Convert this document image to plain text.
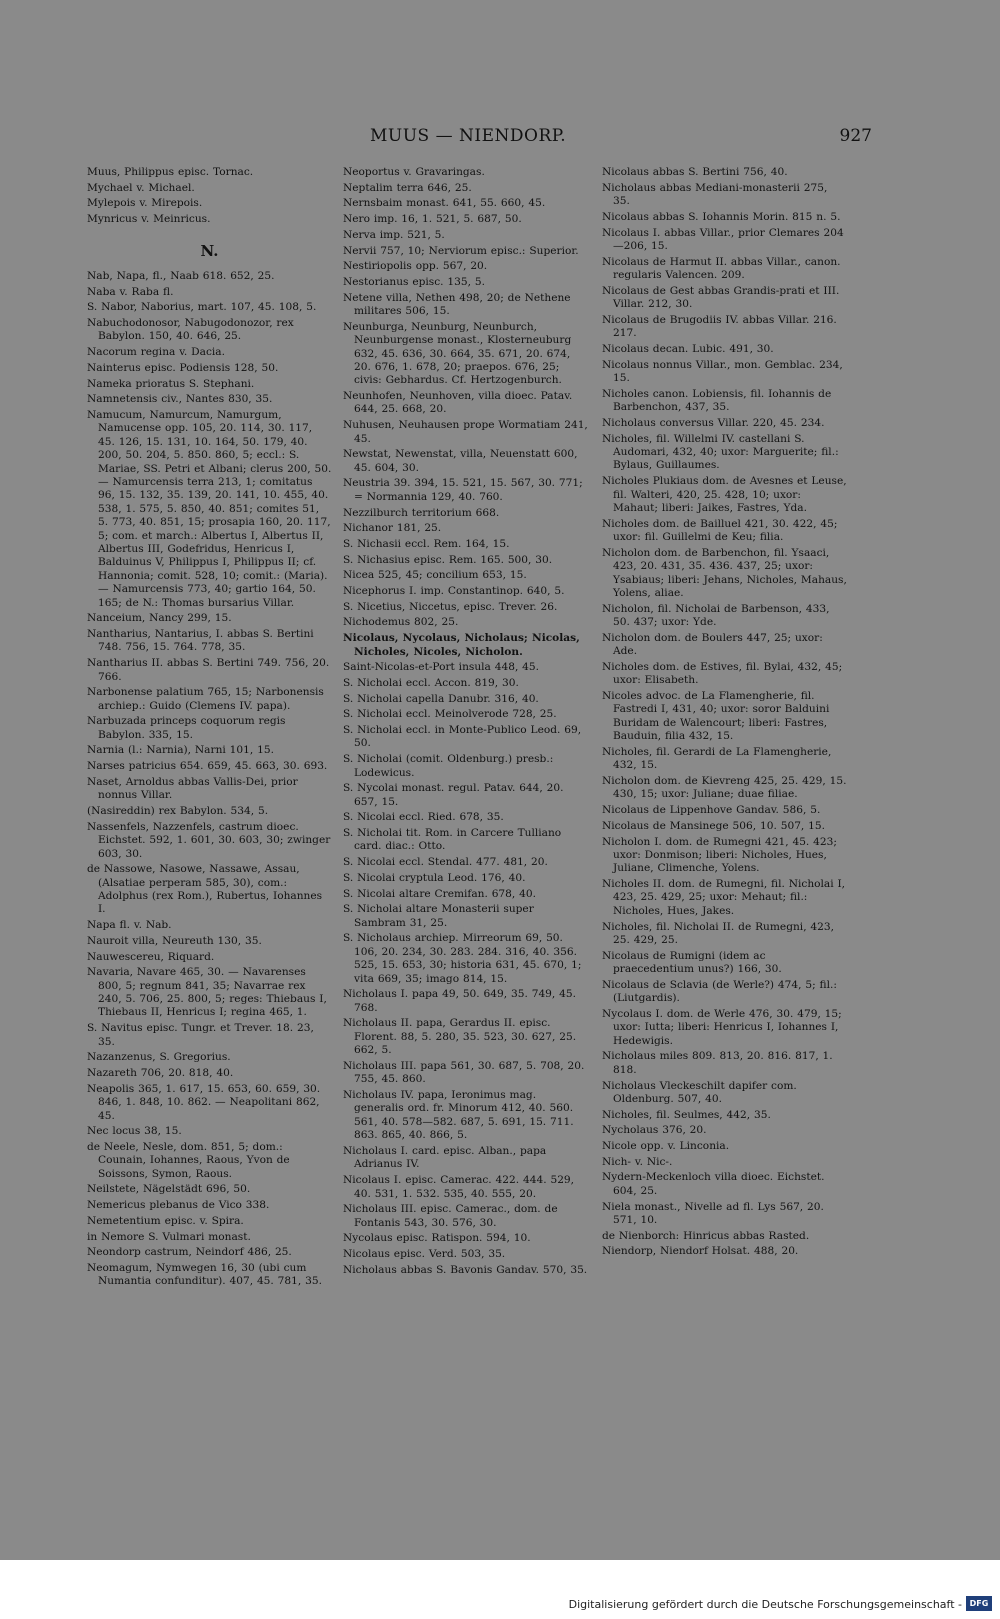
MUUS — NIENDORP.	927
Muus, Philippus episc. Tornac.
Mychael v. Michael.
Mylepois v. Mirepois.
Mynricus v. Meinricus.
N.
Nab, Napa, fl., Naab 618. 652, 25.
Naba v. Raba fl.
S. Nabor, Naborius, mart. 107, 45. 108, 5.
Nabuchodonosor, Nabugodonozor, rex Babylon. 150, 40. 646, 25.
Nacorum regina v. Dacia.
Nainterus episc. Podiensis 128, 50.
Nameka prioratus S. Stephani.
Namnetensis civ., Nantes 830, 35.
Namucum, Namurcum, Namurgum, Namucense opp. 105, 20. 114, 30. 117, 45. 126, 15. 131, 10. 164, 50. 179, 40. 200, 50. 204, 5. 850. 860, 5; eccl.: S. Mariae, SS. Petri et Albani; clerus 200, 50. — Namurcensis terra 213, 1; comitatus 96, 15. 132, 35. 139, 20. 141, 10. 455, 40. 538, 1. 575, 5. 850, 40. 851; comites 51, 5. 773, 40. 851, 15; prosapia 160, 20. 117, 5; com. et march.: Albertus I, Albertus II, Albertus III, Godefridus, Henricus I, Balduinus V, Philippus I, Philippus II; cf. Hannonia; comit. 528, 10; comit.: (Maria). — Namurcensis 773, 40; gartio 164, 50. 165; de N.: Thomas bursarius Villar.
Nanceium, Nancy 299, 15.
Nantharius, Nantarius, I. abbas S. Bertini 748. 756, 15. 764. 778, 35.
Nantharius II. abbas S. Bertini 749. 756, 20. 766.
Narbonense palatium 765, 15; Narbonensis archiep.: Guido (Clemens IV. papa).
Narbuzada princeps coquorum regis Babylon. 335, 15.
Narnia (l.: Narnia), Narni 101, 15.
Narses patricius 654. 659, 45. 663, 30. 693.
Naset, Arnoldus abbas Vallis-Dei, prior nonnus Villar.
(Nasireddin) rex Babylon. 534, 5.
Nassenfels, Nazzenfels, castrum dioec. Eichstet. 592, 1. 601, 30. 603, 30; zwinger 603, 30.
de Nassowe, Nasowe, Nassawe, Assau, (Alsatiae perperam 585, 30), com.: Adolphus (rex Rom.), Rubertus, Iohannes I.
Napa fl. v. Nab.
Nauroit villa, Neureuth 130, 35.
Nauwescereu, Riquard.
Navaria, Navare 465, 30. — Navarenses 800, 5; regnum 841, 35; Navarrae rex 240, 5. 706, 25. 800, 5; reges: Thiebaus I, Thiebaus II, Henricus I; regina 465, 1.
S. Navitus episc. Tungr. et Trever. 18. 23, 35.
Nazanzenus, S. Gregorius.
Nazareth 706, 20. 818, 40.
Neapolis 365, 1. 617, 15. 653, 60. 659, 30. 846, 1. 848, 10. 862. — Neapolitani 862, 45.
Nec locus 38, 15.
de Neele, Nesle, dom. 851, 5; dom.: Counain, Iohannes, Raous, Yvon de Soissons, Symon, Raous.
Neilstete, Nägelstädt 696, 50.
Nemericus plebanus de Vico 338.
Nemetentium episc. v. Spira.
in Nemore S. Vulmari monast.
Neondorp castrum, Neindorf 486, 25.
Neomagum, Nymwegen 16, 30 (ubi cum Numantia confunditur). 407, 45. 781, 35.
Neoportus v. Gravaringas.
Neptalim terra 646, 25.
Nernsbaim monast. 641, 55. 660, 45.
Nero imp. 16, 1. 521, 5. 687, 50.
Nerva imp. 521, 5.
Nervii 757, 10; Nerviorum episc.: Superior.
Nestiriopolis opp. 567, 20.
Nestorianus episc. 135, 5.
Netene villa, Nethen 498, 20; de Nethene militares 506, 15.
Neunburga, Neunburg, Neunburch, Neunburgense monast., Klosterneuburg 632, 45. 636, 30. 664, 35. 671, 20. 674, 20. 676, 1. 678, 20; praepos. 676, 25; civis: Gebhardus. Cf. Hertzogenburch.
Neunhofen, Neunhoven, villa dioec. Patav. 644, 25. 668, 20.
Nuhusen, Neuhausen prope Wormatiam 241, 45.
Newstat, Newenstat, villa, Neuenstatt 600, 45. 604, 30.
Neustria 39. 394, 15. 521, 15. 567, 30. 771; = Normannia 129, 40. 760.
Nezzilburch territorium 668.
Nichanor 181, 25.
S. Nichasii eccl. Rem. 164, 15.
S. Nichasius episc. Rem. 165. 500, 30.
Nicea 525, 45; concilium 653, 15.
Nicephorus I. imp. Constantinop. 640, 5.
S. Nicetius, Niccetus, episc. Trever. 26.
Nichodemus 802, 25.
Nicolaus, Nycolaus, Nicholaus; Nicolas, Nicholes, Nicoles, Nicholon.
Saint-Nicolas-et-Port insula 448, 45.
S. Nicholai eccl. Accon. 819, 30.
S. Nicholai capella Danubr. 316, 40.
S. Nicholai eccl. Meinolverode 728, 25.
S. Nicholai eccl. in Monte-Publico Leod. 69, 50.
S. Nicholai (comit. Oldenburg.) presb.: Lodewicus.
S. Nycolai monast. regul. Patav. 644, 20. 657, 15.
S. Nicolai eccl. Ried. 678, 35.
S. Nicholai tit. Rom. in Carcere Tulliano card. diac.: Otto.
S. Nicolai eccl. Stendal. 477. 481, 20.
S. Nicolai cryptula Leod. 176, 40.
S. Nicolai altare Cremifan. 678, 40.
S. Nicholai altare Monasterii super Sambram 31, 25.
S. Nicholaus archiep. Mirreorum 69, 50. 106, 20. 234, 30. 283. 284. 316, 40. 356. 525, 15. 653, 30; historia 631, 45. 670, 1; vita 669, 35; imago 814, 15.
Nicholaus I. papa 49, 50. 649, 35. 749, 45. 768.
Nicholaus II. papa, Gerardus II. episc. Florent. 88, 5. 280, 35. 523, 30. 627, 25. 662, 5.
Nicholaus III. papa 561, 30. 687, 5. 708, 20. 755, 45. 860.
Nicholaus IV. papa, Ieronimus mag. generalis ord. fr. Minorum 412, 40. 560. 561, 40. 578—582. 687, 5. 691, 15. 711. 863. 865, 40. 866, 5.
Nicholaus I. card. episc. Alban., papa Adrianus IV.
Nicolaus I. episc. Camerac. 422. 444. 529, 40. 531, 1. 532. 535, 40. 555, 20.
Nicholaus III. episc. Camerac., dom. de Fontanis 543, 30. 576, 30.
Nycolaus episc. Ratispon. 594, 10.
Nicolaus episc. Verd. 503, 35.
Nicholaus abbas S. Bavonis Gandav. 570, 35.
Nicolaus abbas S. Bertini 756, 40.
Nicholaus abbas Mediani-monasterii 275, 35.
Nicolaus abbas S. Iohannis Morin. 815 n. 5.
Nicolaus I. abbas Villar., prior Clemares 204—206, 15.
Nicolaus de Harmut II. abbas Villar., canon. regularis Valencen. 209.
Nicolaus de Gest abbas Grandis-prati et III. Villar. 212, 30.
Nicolaus de Brugodiis IV. abbas Villar. 216. 217.
Nicolaus decan. Lubic. 491, 30.
Nicolaus nonnus Villar., mon. Gemblac. 234, 15.
Nicholes canon. Lobiensis, fil. Iohannis de Barbenchon, 437, 35.
Nicholaus conversus Villar. 220, 45. 234.
Nicholes, fil. Willelmi IV. castellani S. Audomari, 432, 40; uxor: Marguerite; fil.: Bylaus, Guillaumes.
Nicholes Plukiaus dom. de Avesnes et Leuse, fil. Walteri, 420, 25. 428, 10; uxor: Mahaut; liberi: Jaikes, Fastres, Yda.
Nicholes dom. de Bailluel 421, 30. 422, 45; uxor: fil. Guillelmi de Keu; filia.
Nicholon dom. de Barbenchon, fil. Ysaaci, 423, 20. 431, 35. 436. 437, 25; uxor: Ysabiaus; liberi: Jehans, Nicholes, Mahaus, Yolens, aliae.
Nicholon, fil. Nicholai de Barbenson, 433, 50. 437; uxor: Yde.
Nicholon dom. de Boulers 447, 25; uxor: Ade.
Nicholes dom. de Estives, fil. Bylai, 432, 45; uxor: Elisabeth.
Nicoles advoc. de La Flamengherie, fil. Fastredi I, 431, 40; uxor: soror Balduini Buridam de Walencourt; liberi: Fastres, Bauduin, filia 432, 15.
Nicholes, fil. Gerardi de La Flamengherie, 432, 15.
Nicholon dom. de Kievreng 425, 25. 429, 15. 430, 15; uxor: Juliane; duae filiae.
Nicolaus de Lippenhove Gandav. 586, 5.
Nicolaus de Mansinege 506, 10. 507, 15.
Nicholon I. dom. de Rumegni 421, 45. 423; uxor: Donmison; liberi: Nicholes, Hues, Juliane, Climenche, Yolens.
Nicholes II. dom. de Rumegni, fil. Nicholai I, 423, 25. 429, 25; uxor: Mehaut; fil.: Nicholes, Hues, Jakes.
Nicholes, fil. Nicholai II. de Rumegni, 423, 25. 429, 25.
Nicolaus de Rumigni (idem ac praecedentium unus?) 166, 30.
Nicolaus de Sclavia (de Werle?) 474, 5; fil.: (Liutgardis).
Nycolaus I. dom. de Werle 476, 30. 479, 15; uxor: Iutta; liberi: Henricus I, Iohannes I, Hedewigis.
Nicholaus miles 809. 813, 20. 816. 817, 1. 818.
Nicholaus Vleckeschilt dapifer com. Oldenburg. 507, 40.
Nicholes, fil. Seulmes, 442, 35.
Nycholaus 376, 20.
Nicole opp. v. Linconia.
Nich- v. Nic-.
Nydern-Meckenloch villa dioec. Eichstet. 604, 25.
Niela monast., Nivelle ad fl. Lys 567, 20. 571, 10.
de Nienborch: Hinricus abbas Rasted.
Niendorp, Niendorf Holsat. 488, 20.
Digitalisierung gefördert durch die Deutsche Forschungsgemeinschaft - DFG
